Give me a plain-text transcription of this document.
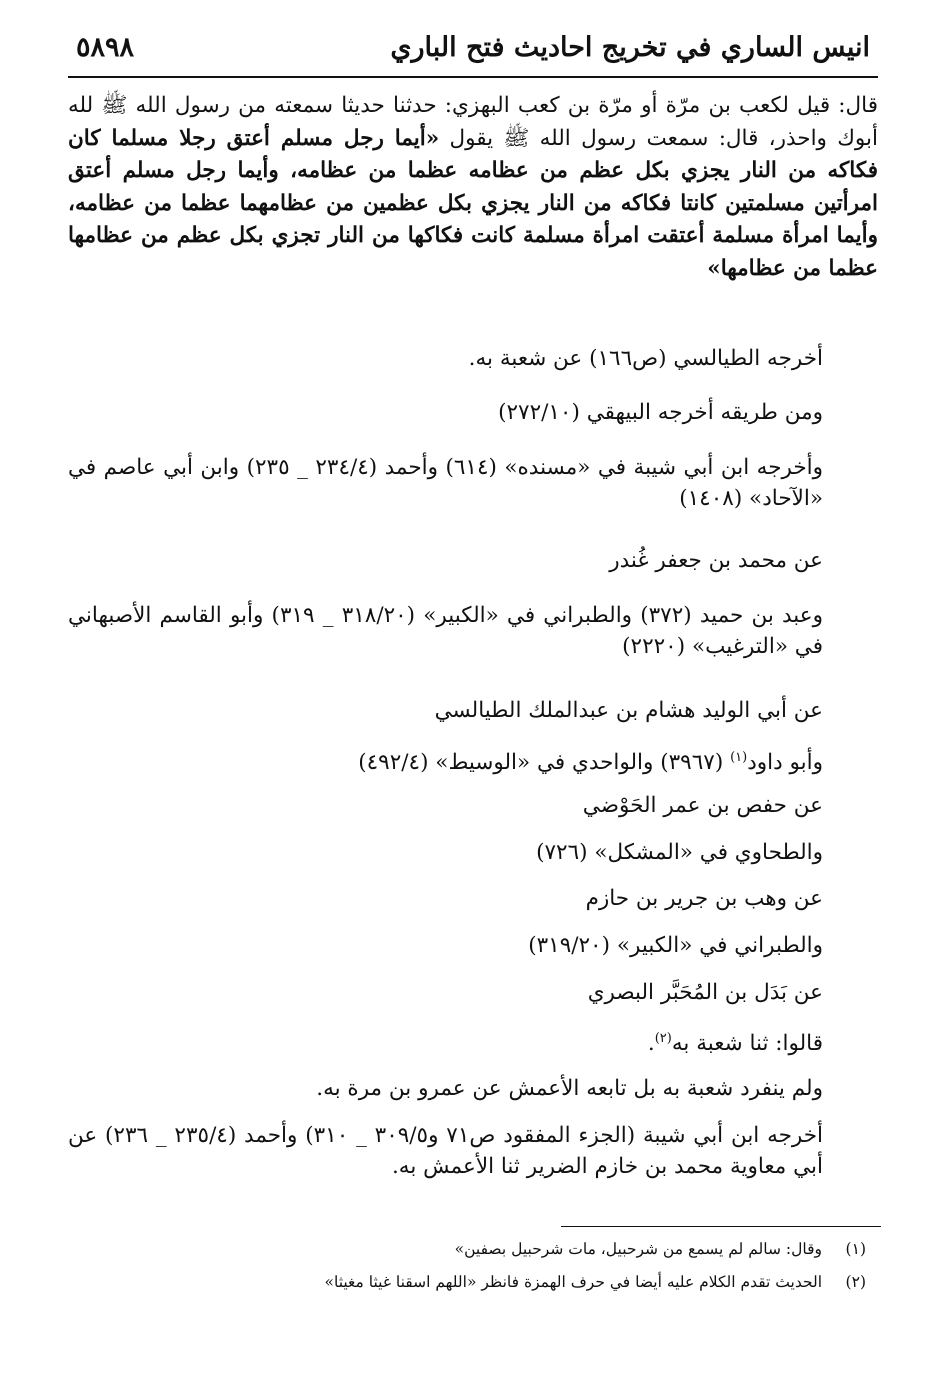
انيس الساري في تخريج احاديث فتح الباري
٥٨٩٨

قال: قيل لكعب بن مرّة أو مرّة بن كعب البهزي: حدثنا حديثا سمعته من رسول الله ﷺ لله أبوك واحذر، قال: سمعت رسول الله ﷺ يقول «أيما رجل مسلم أعتق رجلا مسلما كان فكاكه من النار يجزي بكل عظم من عظامه عظما من عظامه، وأيما رجل مسلم أعتق امرأتين مسلمتين كانتا فكاكه من النار يجزي بكل عظمين من عظامهما عظما من عظامه، وأيما امرأة مسلمة أعتقت امرأة مسلمة كانت فكاكها من النار تجزي بكل عظم من عظامها عظما من عظامها»

أخرجه الطيالسي (ص١٦٦) عن شعبة به.
ومن طريقه أخرجه البيهقي (٢٧٢/١٠)

وأخرجه ابن أبي شيبة في «مسنده» (٦١٤) وأحمد (٢٣٤/٤ _ ٢٣٥) وابن أبي عاصم في «الآحاد» (١٤٠٨)

عن محمد بن جعفر غُندر

وعبد بن حميد (٣٧٢) والطبراني في «الكبير» (٣١٨/٢٠ _ ٣١٩) وأبو القاسم الأصبهاني في «الترغيب» (٢٢٢٠)

عن أبي الوليد هشام بن عبدالملك الطيالسي
وأبو داود$^{(١)}$ (٣٩٦٧) والواحدي في «الوسيط» (٤٩٢/٤)
عن حفص بن عمر الحَوْضي
والطحاوي في «المشكل» (٧٢٦)
عن وهب بن جرير بن حازم
والطبراني في «الكبير» (٣١٩/٢٠)
عن بَدَل بن المُحَبَّر البصري
قالوا: ثنا شعبة به$^{(٢)}$.
ولم ينفرد شعبة به بل تابعه الأعمش عن عمرو بن مرة به.

أخرجه ابن أبي شيبة (الجزء المفقود ص٧١ و٣٠٩/٥ _ ٣١٠) وأحمد (٢٣٥/٤ _ ٢٣٦) عن أبي معاوية محمد بن خازم الضرير ثنا الأعمش به.

(١)وقال: سالم لم يسمع من شرحبيل، مات شرحبيل بصفين»
(٢)الحديث تقدم الكلام عليه أيضا في حرف الهمزة فانظر «اللهم اسقنا غيثا مغيثا»
